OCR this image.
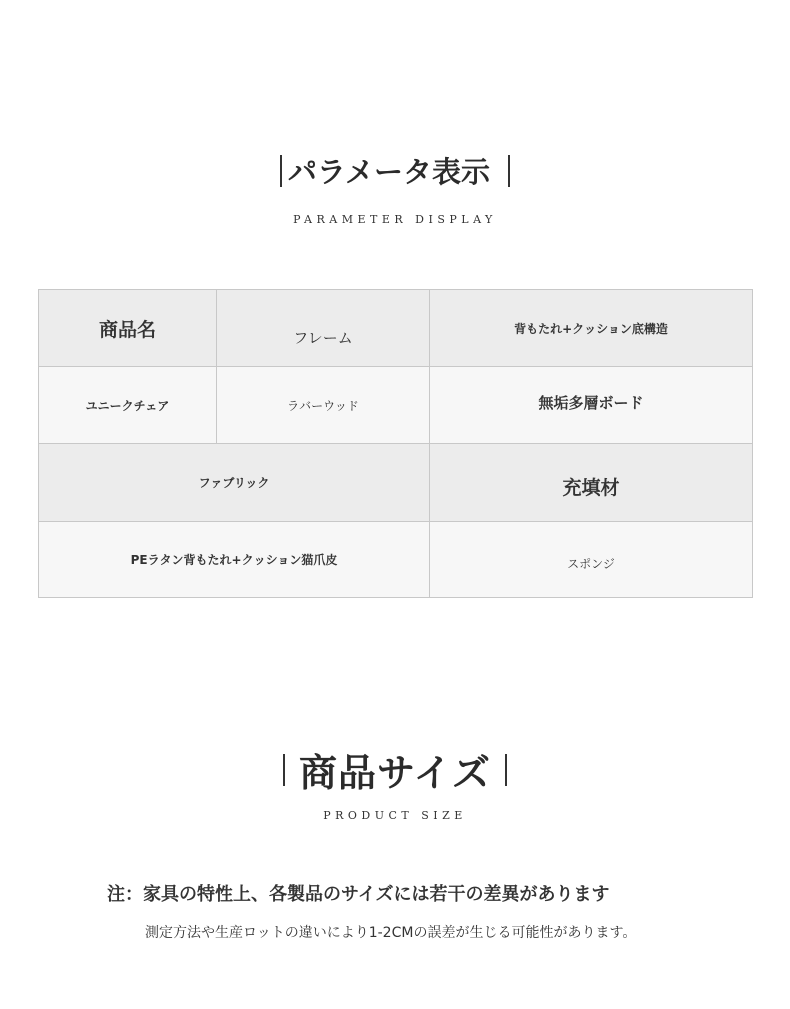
パラメータ表示
PARAMETER DISPLAY
商品名	フレーム	背もたれ+クッション底構造
ユニークチェア	ラバーウッド	無垢多層ボード
ファブリック		充填材
PEラタン背もたれ+クッション猫爪皮		スポンジ
商品サイズ
PRODUCT SIZE
注：家具の特性上、各製品のサイズには若干の差異があります
測定方法や生産ロットの違いにより1-2CMの誤差が生じる可能性があります。
